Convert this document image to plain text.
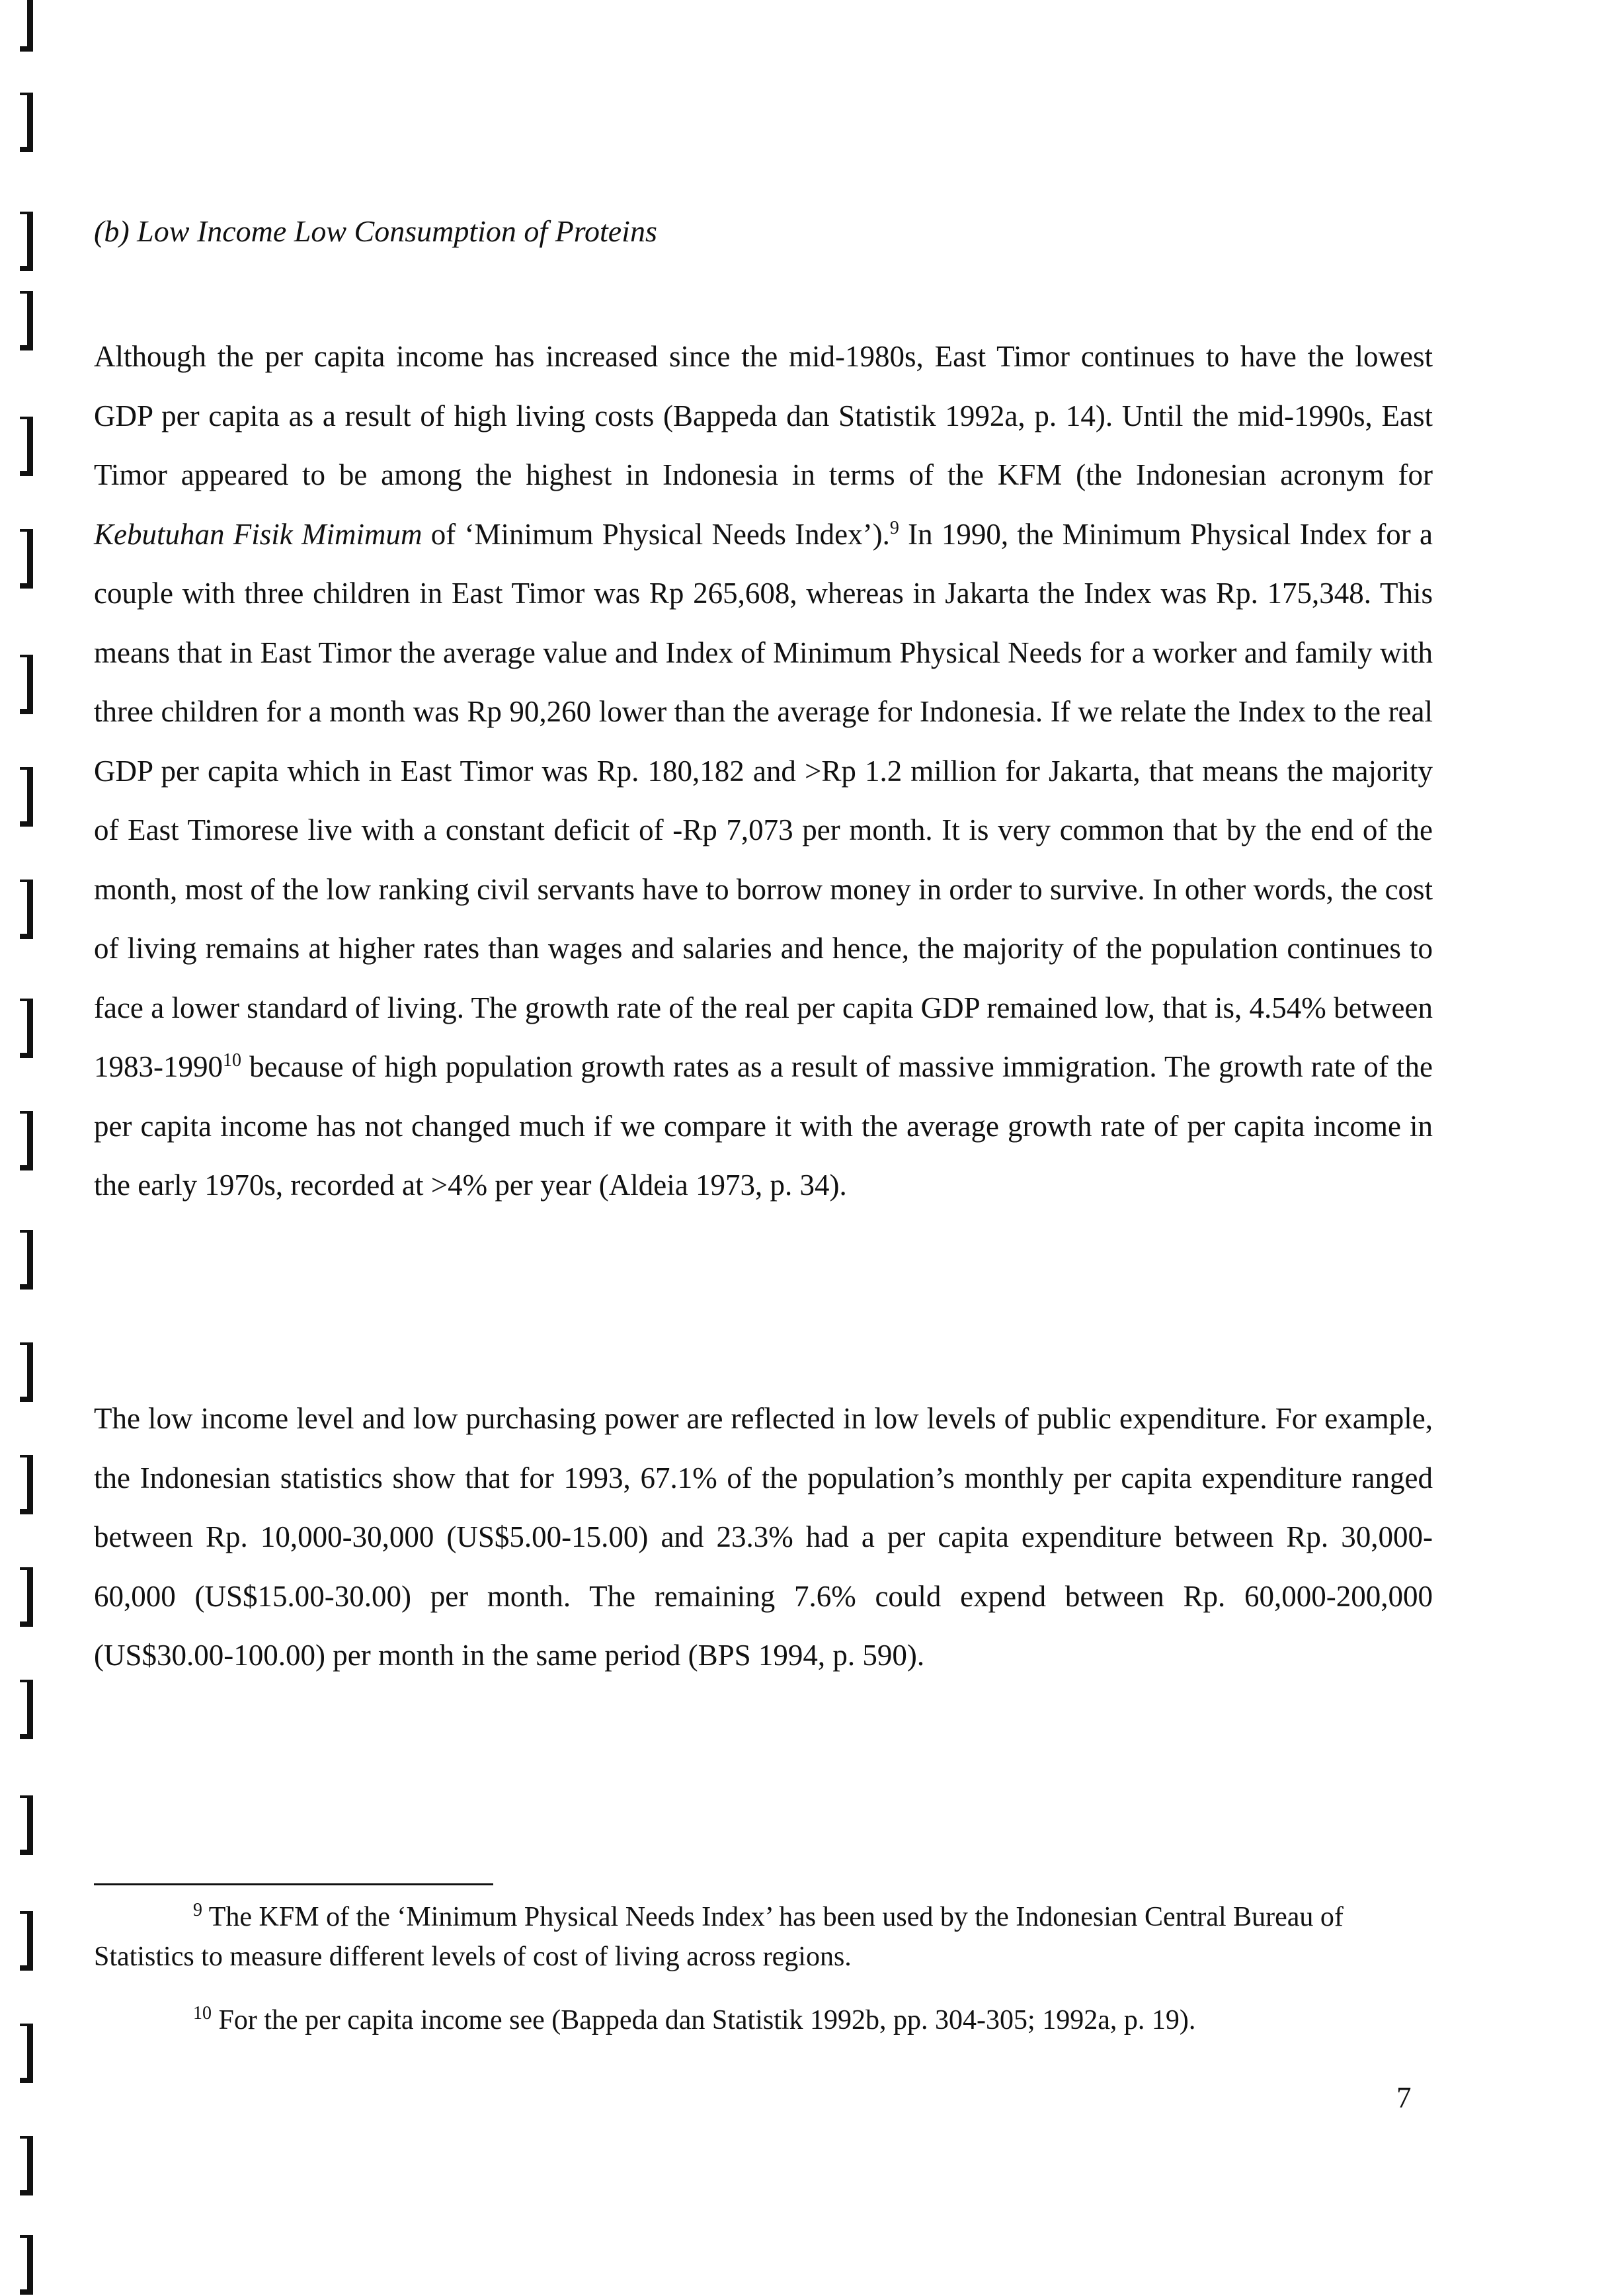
(b) Low Income Low Consumption of Proteins

Although the per capita income has increased since the mid-1980s, East Timor continues to have the lowest GDP per capita as a result of high living costs (Bappeda dan Statistik 1992a, p. 14). Until the mid-1990s, East Timor appeared to be among the highest in Indonesia in terms of the KFM (the Indonesian acronym for Kebutuhan Fisik Mimimum of ‘Minimum Physical Needs Index’).$^9$ In 1990, the Minimum Physical Index for a couple with three children in East Timor was Rp 265,608, whereas in Jakarta the Index was Rp. 175,348. This means that in East Timor the average value and Index of Minimum Physical Needs for a worker and family with three children for a month was Rp 90,260 lower than the average for Indonesia. If we relate the Index to the real GDP per capita which in East Timor was Rp. 180,182 and >Rp 1.2 million for Jakarta, that means the majority of East Timorese live with a constant deficit of -Rp 7,073 per month. It is very common that by the end of the month, most of the low ranking civil servants have to borrow money in order to survive. In other words, the cost of living remains at higher rates than wages and salaries and hence, the majority of the population continues to face a lower standard of living. The growth rate of the real per capita GDP remained low, that is, 4.54% between 1983-1990$^{10}$ because of high population growth rates as a result of massive immigration. The growth rate of the per capita income has not changed much if we compare it with the average growth rate of per capita income in the early 1970s, recorded at >4% per year (Aldeia 1973, p. 34).

The low income level and low purchasing power are reflected in low levels of public expenditure. For example, the Indonesian statistics show that for 1993, 67.1% of the population’s monthly per capita expenditure ranged between Rp. 10,000-30,000 (US$5.00-15.00) and 23.3% had a per capita expenditure between Rp. 30,000-60,000 (US$15.00-30.00) per month. The remaining 7.6% could expend between Rp. 60,000-200,000 (US$30.00-100.00) per month in the same period (BPS 1994, p. 590).

$^9$ The KFM of the ‘Minimum Physical Needs Index’ has been used by the Indonesian Central Bureau of Statistics to measure different levels of cost of living across regions.

$^{10}$ For the per capita income see (Bappeda dan Statistik 1992b, pp. 304-305; 1992a, p. 19).

7
